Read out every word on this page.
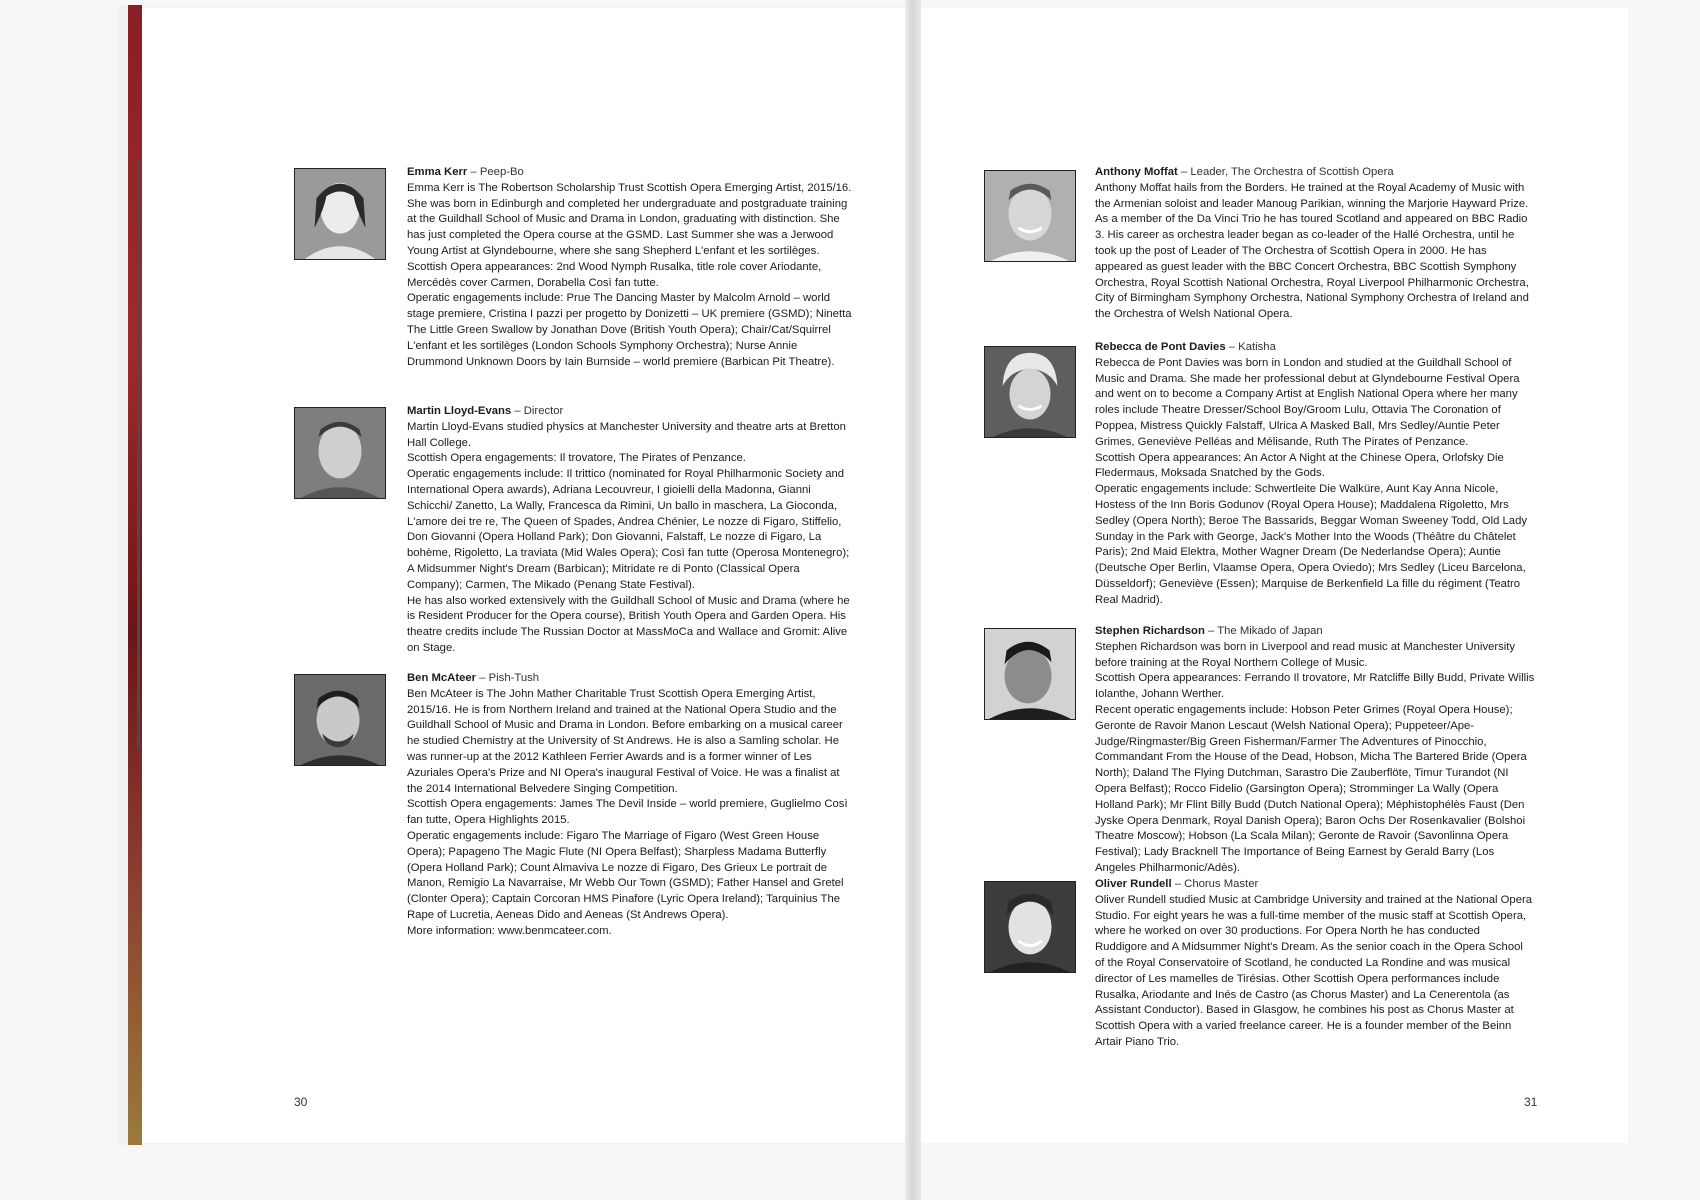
Emma Kerr – Peep-Bo

Emma Kerr is The Robertson Scholarship Trust Scottish Opera Emerging Artist, 2015/16. She was born in Edinburgh and completed her undergraduate and postgraduate training at the Guildhall School of Music and Drama in London, graduating with distinction. She has just completed the Opera course at the GSMD. Last Summer she was a Jerwood Young Artist at Glyndebourne, where she sang Shepherd L'enfant et les sortilèges.

Scottish Opera appearances: 2nd Wood Nymph Rusalka, title role cover Ariodante, Mercédès cover Carmen, Dorabella Così fan tutte.

Operatic engagements include: Prue The Dancing Master by Malcolm Arnold – world stage premiere, Cristina I pazzi per progetto by Donizetti – UK premiere (GSMD); Ninetta The Little Green Swallow by Jonathan Dove (British Youth Opera); Chair/Cat/Squirrel L'enfant et les sortilèges (London Schools Symphony Orchestra); Nurse Annie Drummond Unknown Doors by Iain Burnside – world premiere (Barbican Pit Theatre).

Martin Lloyd-Evans – Director

Martin Lloyd-Evans studied physics at Manchester University and theatre arts at Bretton Hall College.

Scottish Opera engagements: Il trovatore, The Pirates of Penzance.

Operatic engagements include: Il trittico (nominated for Royal Philharmonic Society and International Opera awards), Adriana Lecouvreur, I gioielli della Madonna, Gianni Schicchi/ Zanetto, La Wally, Francesca da Rimini, Un ballo in maschera, La Gioconda, L'amore dei tre re, The Queen of Spades, Andrea Chénier, Le nozze di Figaro, Stiffelio, Don Giovanni (Opera Holland Park); Don Giovanni, Falstaff, Le nozze di Figaro, La bohème, Rigoletto, La traviata (Mid Wales Opera); Così fan tutte (Operosa Montenegro); A Midsummer Night's Dream (Barbican); Mitridate re di Ponto (Classical Opera Company); Carmen, The Mikado (Penang State Festival).

He has also worked extensively with the Guildhall School of Music and Drama (where he is Resident Producer for the Opera course), British Youth Opera and Garden Opera. His theatre credits include The Russian Doctor at MassMoCa and Wallace and Gromit: Alive on Stage.

Ben McAteer – Pish-Tush

Ben McAteer is The John Mather Charitable Trust Scottish Opera Emerging Artist, 2015/16. He is from Northern Ireland and trained at the National Opera Studio and the Guildhall School of Music and Drama in London. Before embarking on a musical career he studied Chemistry at the University of St Andrews. He is also a Samling scholar. He was runner-up at the 2012 Kathleen Ferrier Awards and is a former winner of Les Azuriales Opera's Prize and NI Opera's inaugural Festival of Voice. He was a finalist at the 2014 International Belvedere Singing Competition.

Scottish Opera engagements: James The Devil Inside – world premiere, Guglielmo Così fan tutte, Opera Highlights 2015.

Operatic engagements include: Figaro The Marriage of Figaro (West Green House Opera); Papageno The Magic Flute (NI Opera Belfast); Sharpless Madama Butterfly (Opera Holland Park); Count Almaviva Le nozze di Figaro, Des Grieux Le portrait de Manon, Remigio La Navarraise, Mr Webb Our Town (GSMD); Father Hansel and Gretel (Clonter Opera); Captain Corcoran HMS Pinafore (Lyric Opera Ireland); Tarquinius The Rape of Lucretia, Aeneas Dido and Aeneas (St Andrews Opera).

More information: www.benmcateer.com.

30

Anthony Moffat – Leader, The Orchestra of Scottish Opera

Anthony Moffat hails from the Borders. He trained at the Royal Academy of Music with the Armenian soloist and leader Manoug Parikian, winning the Marjorie Hayward Prize. As a member of the Da Vinci Trio he has toured Scotland and appeared on BBC Radio 3. His career as orchestra leader began as co-leader of the Hallé Orchestra, until he took up the post of Leader of The Orchestra of Scottish Opera in 2000. He has appeared as guest leader with the BBC Concert Orchestra, BBC Scottish Symphony Orchestra, Royal Scottish National Orchestra, Royal Liverpool Philharmonic Orchestra, City of Birmingham Symphony Orchestra, National Symphony Orchestra of Ireland and the Orchestra of Welsh National Opera.

Rebecca de Pont Davies – Katisha

Rebecca de Pont Davies was born in London and studied at the Guildhall School of Music and Drama. She made her professional debut at Glyndebourne Festival Opera and went on to become a Company Artist at English National Opera where her many roles include Theatre Dresser/School Boy/Groom Lulu, Ottavia The Coronation of Poppea, Mistress Quickly Falstaff, Ulrica A Masked Ball, Mrs Sedley/Auntie Peter Grimes, Geneviève Pelléas and Mélisande, Ruth The Pirates of Penzance.

Scottish Opera appearances: An Actor A Night at the Chinese Opera, Orlofsky Die Fledermaus, Moksada Snatched by the Gods.

Operatic engagements include: Schwertleite Die Walküre, Aunt Kay Anna Nicole, Hostess of the Inn Boris Godunov (Royal Opera House); Maddalena Rigoletto, Mrs Sedley (Opera North); Beroe The Bassarids, Beggar Woman Sweeney Todd, Old Lady Sunday in the Park with George, Jack's Mother Into the Woods (Théâtre du Châtelet Paris); 2nd Maid Elektra, Mother Wagner Dream (De Nederlandse Opera); Auntie (Deutsche Oper Berlin, Vlaamse Opera, Opera Oviedo); Mrs Sedley (Liceu Barcelona, Düsseldorf); Geneviève (Essen); Marquise de Berkenfield La fille du régiment (Teatro Real Madrid).

Stephen Richardson – The Mikado of Japan

Stephen Richardson was born in Liverpool and read music at Manchester University before training at the Royal Northern College of Music.

Scottish Opera appearances: Ferrando Il trovatore, Mr Ratcliffe Billy Budd, Private Willis Iolanthe, Johann Werther.

Recent operatic engagements include: Hobson Peter Grimes (Royal Opera House); Geronte de Ravoir Manon Lescaut (Welsh National Opera); Puppeteer/Ape-Judge/Ringmaster/Big Green Fisherman/Farmer The Adventures of Pinocchio, Commandant From the House of the Dead, Hobson, Micha The Bartered Bride (Opera North); Daland The Flying Dutchman, Sarastro Die Zauberflöte, Timur Turandot (NI Opera Belfast); Rocco Fidelio (Garsington Opera); Stromminger La Wally (Opera Holland Park); Mr Flint Billy Budd (Dutch National Opera); Méphistophélès Faust (Den Jyske Opera Denmark, Royal Danish Opera); Baron Ochs Der Rosenkavalier (Bolshoi Theatre Moscow); Hobson (La Scala Milan); Geronte de Ravoir (Savonlinna Opera Festival); Lady Bracknell The Importance of Being Earnest by Gerald Barry (Los Angeles Philharmonic/Adès).

Oliver Rundell – Chorus Master

Oliver Rundell studied Music at Cambridge University and trained at the National Opera Studio. For eight years he was a full-time member of the music staff at Scottish Opera, where he worked on over 30 productions. For Opera North he has conducted Ruddigore and A Midsummer Night's Dream. As the senior coach in the Opera School of the Royal Conservatoire of Scotland, he conducted La Rondine and was musical director of Les mamelles de Tirésias. Other Scottish Opera performances include Rusalka, Ariodante and Inés de Castro (as Chorus Master) and La Cenerentola (as Assistant Conductor). Based in Glasgow, he combines his post as Chorus Master at Scottish Opera with a varied freelance career. He is a founder member of the Beinn Artair Piano Trio.

31
